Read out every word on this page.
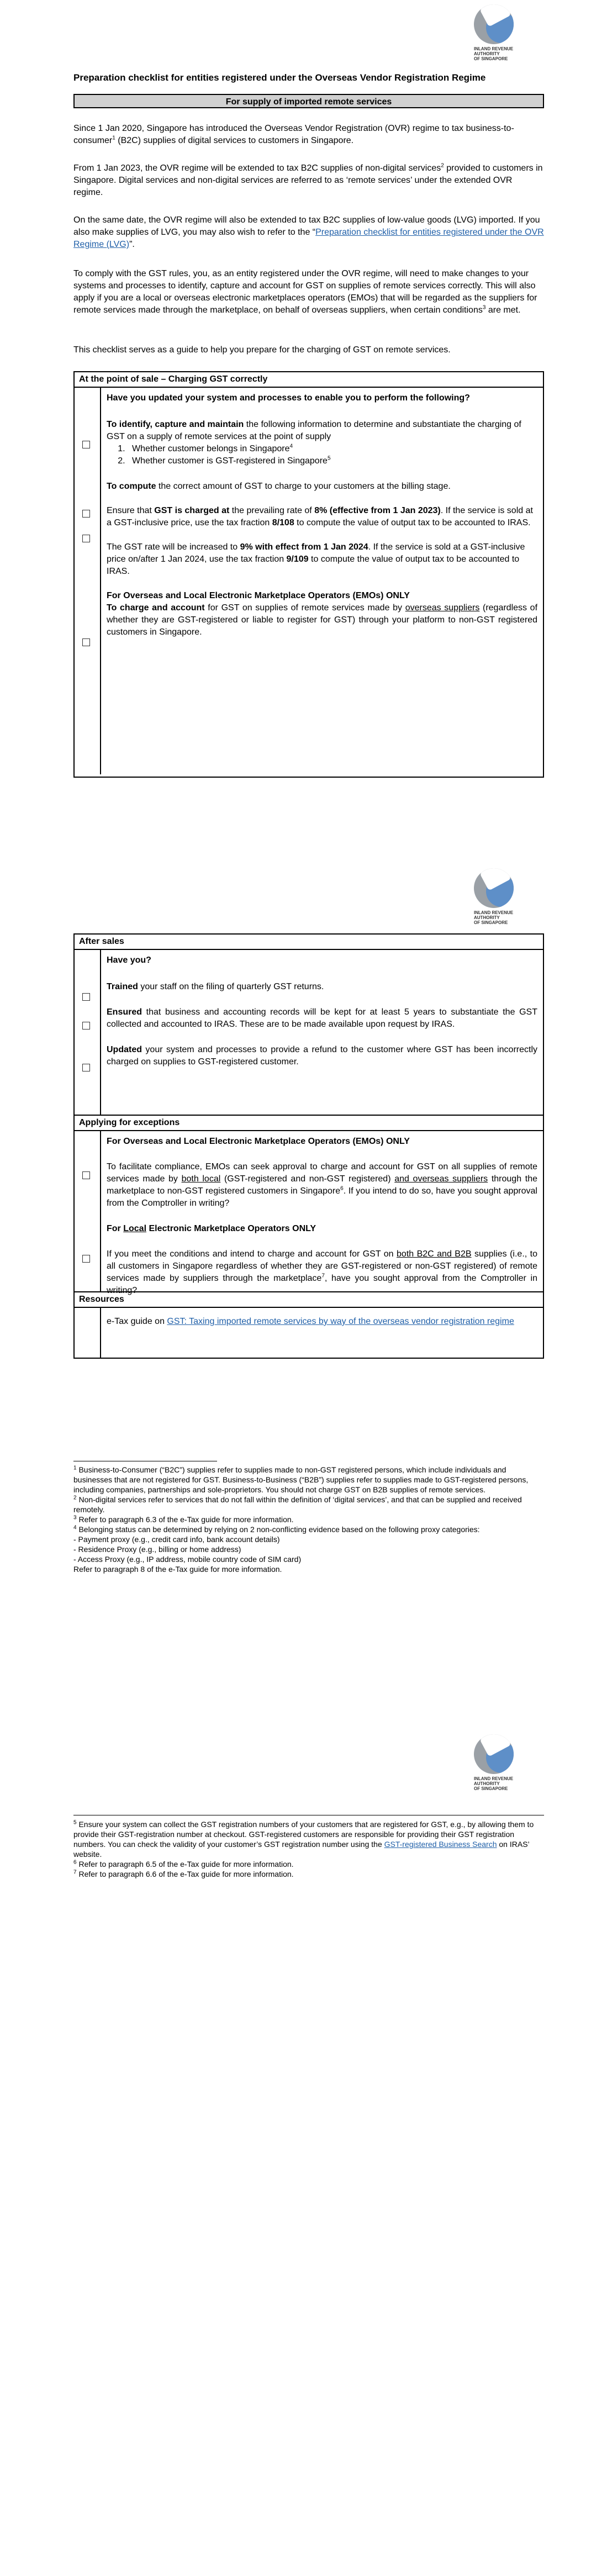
INLAND REVENUE
AUTHORITY
OF SINGAPORE
Preparation checklist for entities registered under the Overseas Vendor Registration Regime
For supply of imported remote services

Since 1 Jan 2020, Singapore has introduced the Overseas Vendor Registration (OVR) regime to tax business-to-consumer$^1$ (B2C) supplies of digital services to customers in Singapore.

From 1 Jan 2023, the OVR regime will be extended to tax B2C supplies of non-digital services$^2$ provided to customers in Singapore. Digital services and non-digital services are referred to as ‘remote services’ under the extended OVR regime.

On the same date, the OVR regime will also be extended to tax B2C supplies of low-value goods (LVG) imported. If you also make supplies of LVG, you may also wish to refer to the “Preparation checklist for entities registered under the OVR Regime (LVG)”.

To comply with the GST rules, you, as an entity registered under the OVR regime, will need to make changes to your systems and processes to identify, capture and account for GST on supplies of remote services correctly. This will also apply if you are a local or overseas electronic marketplaces operators (EMOs) that will be regarded as the suppliers for remote services made through the marketplace, on behalf of overseas suppliers, when certain conditions$^3$ are met.

This checklist serves as a guide to help you prepare for the charging of GST on remote services.
At the point of sale – Charging GST correctly

Have you updated your system and processes to enable you to perform the following?

To identify, capture and maintain the following information to determine and substantiate the charging of GST on a supply of remote services at the point of supply

1. Whether customer belongs in Singapore$^4$
2. Whether customer is GST-registered in Singapore$^5$

To compute the correct amount of GST to charge to your customers at the billing stage.

Ensure that GST is charged at the prevailing rate of 8% (effective from 1 Jan 2023). If the service is sold at a GST-inclusive price, use the tax fraction 8/108 to compute the value of output tax to be accounted to IRAS.

The GST rate will be increased to 9% with effect from 1 Jan 2024. If the service is sold at a GST-inclusive price on/after 1 Jan 2024, use the tax fraction 9/109 to compute the value of output tax to be accounted to IRAS.

For Overseas and Local Electronic Marketplace Operators (EMOs) ONLY

To charge and account for GST on supplies of remote services made by overseas suppliers (regardless of whether they are GST-registered or liable to register for GST) through your platform to non-GST registered customers in Singapore.

INLAND REVENUE
AUTHORITY
OF SINGAPORE
After sales

Have you?

Trained your staff on the filing of quarterly GST returns.

Ensured that business and accounting records will be kept for at least 5 years to substantiate the GST collected and accounted to IRAS. These are to be made available upon request by IRAS.

Updated your system and processes to provide a refund to the customer where GST has been incorrectly charged on supplies to GST-registered customer.

Applying for exceptions

For Overseas and Local Electronic Marketplace Operators (EMOs) ONLY

To facilitate compliance, EMOs can seek approval to charge and account for GST on all supplies of remote services made by both local (GST-registered and non-GST registered) and overseas suppliers through the marketplace to non-GST registered customers in Singapore$^6$. If you intend to do so, have you sought approval from the Comptroller in writing?

For Local Electronic Marketplace Operators ONLY

If you meet the conditions and intend to charge and account for GST on both B2C and B2B supplies (i.e., to all customers in Singapore regardless of whether they are GST-registered or non-GST registered) of remote services made by suppliers through the marketplace$^7$, have you sought approval from the Comptroller in writing?

Resources

e-Tax guide on GST: Taxing imported remote services by way of the overseas vendor registration regime

$^1$ Business-to-Consumer (“B2C”) supplies refer to supplies made to non-GST registered persons, which include individuals and businesses that are not registered for GST. Business-to-Business (“B2B”) supplies refer to supplies made to GST-registered persons, including companies, partnerships and sole-proprietors. You should not charge GST on B2B supplies of remote services.

$^2$ Non-digital services refer to services that do not fall within the definition of ‘digital services’, and that can be supplied and received remotely.

$^3$ Refer to paragraph 6.3 of the e-Tax guide for more information.

$^4$ Belonging status can be determined by relying on 2 non-conflicting evidence based on the following proxy categories:

- Payment proxy (e.g., credit card info, bank account details)

- Residence Proxy (e.g., billing or home address)

- Access Proxy (e.g., IP address, mobile country code of SIM card)

Refer to paragraph 8 of the e-Tax guide for more information.

INLAND REVENUE
AUTHORITY
OF SINGAPORE

$^5$ Ensure your system can collect the GST registration numbers of your customers that are registered for GST, e.g., by allowing them to provide their GST-registration number at checkout. GST-registered customers are responsible for providing their GST registration numbers. You can check the validity of your customer’s GST registration number using the GST-registered Business Search on IRAS’ website.

$^6$ Refer to paragraph 6.5 of the e-Tax guide for more information.

$^7$ Refer to paragraph 6.6 of the e-Tax guide for more information.
